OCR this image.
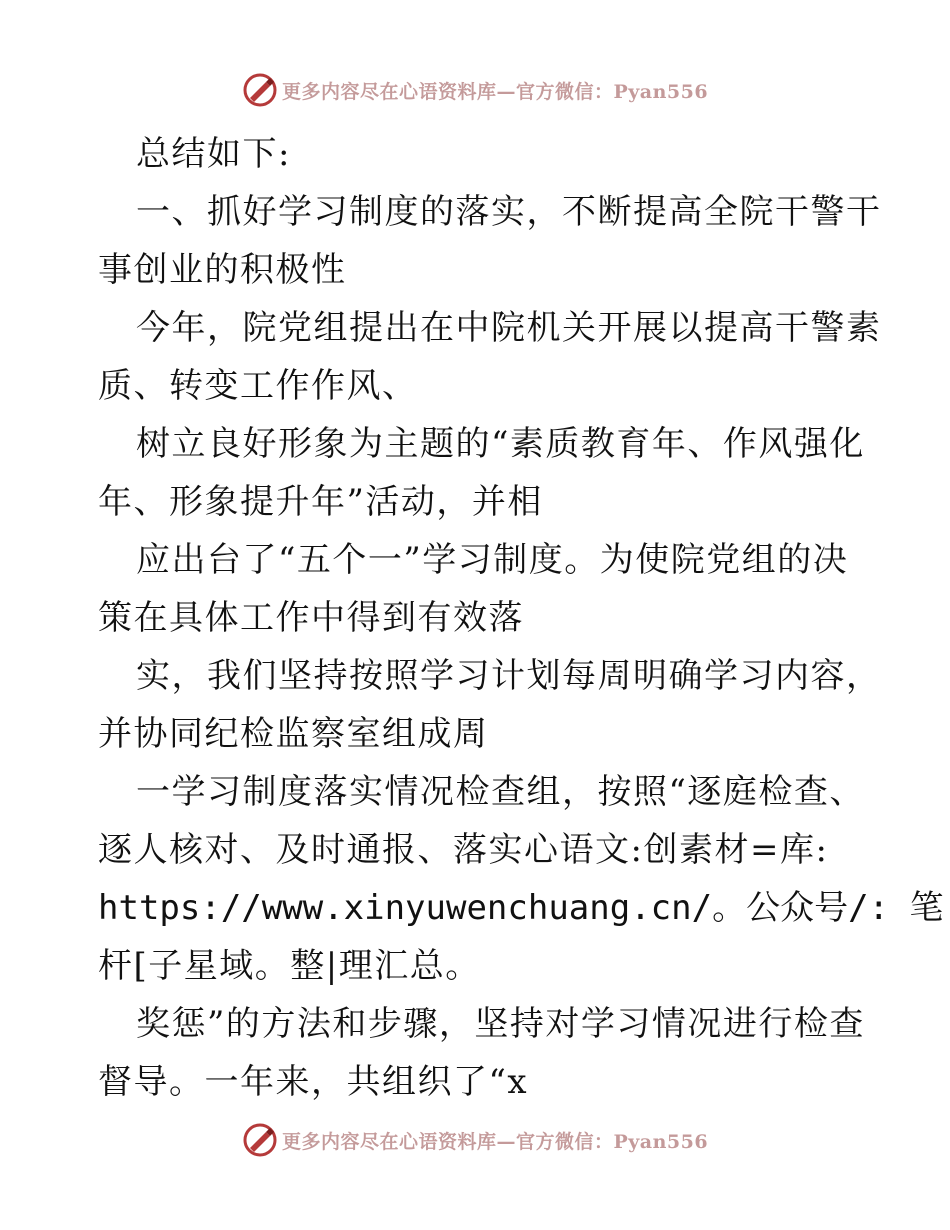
更多内容尽在心语资料库—官方微信：Pyan556
总结如下:
一、抓好学习制度的落实，不断提高全院干警干
事创业的积极性
今年，院党组提出在中院机关开展以提高干警素
质、转变工作作风、
树立良好形象为主题的“素质教育年、作风强化
年、形象提升年”活动，并相
应出台了“五个一”学习制度。为使院党组的决
策在具体工作中得到有效落
实，我们坚持按照学习计划每周明确学习内容，
并协同纪检监察室组成周
一学习制度落实情况检查组，按照“逐庭检查、
逐人核对、及时通报、落实心语文:创素材=库:
https://www.xinyuwenchuang.cn/。公众号/: 笔
杆[子星域。整|理汇总。
奖惩”的方法和步骤，坚持对学习情况进行检查
督导。一年来，共组织了“x
更多内容尽在心语资料库—官方微信：Pyan556
